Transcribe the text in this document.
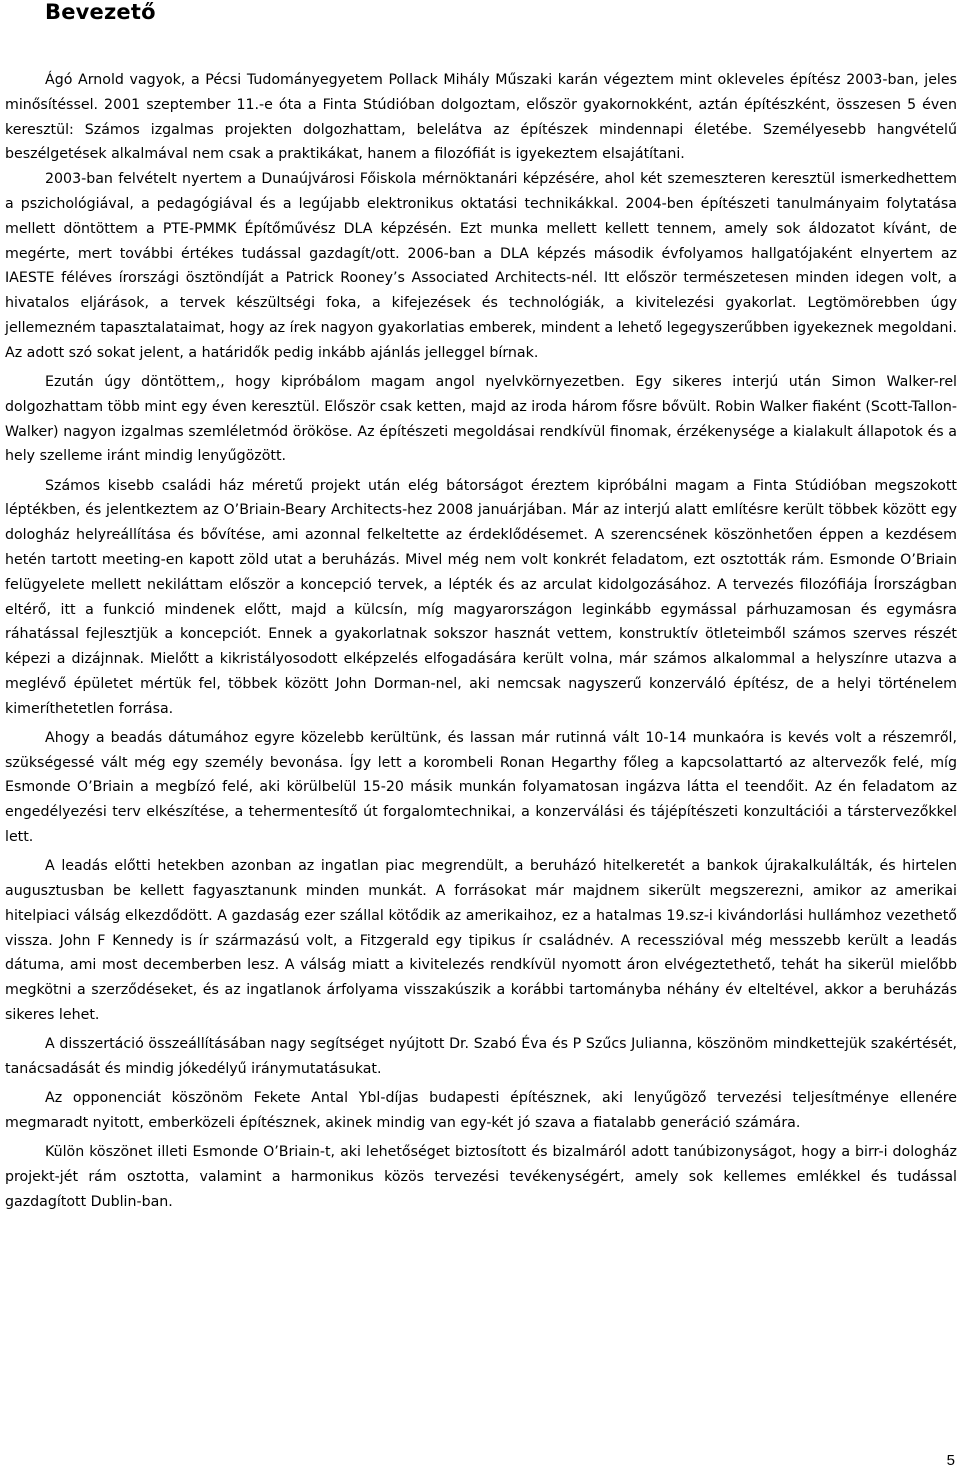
Bevezető

Ágó Arnold vagyok, a Pécsi Tudományegyetem Pollack Mihály Műszaki karán végeztem mint okleveles építész 2003-ban, jeles minősítéssel. 2001 szeptember 11.-e óta a Finta Stúdióban dolgoztam, először gyakornokként, aztán építészként, összesen 5 éven keresztül: Számos izgalmas projekten dolgozhattam, belelátva az építészek mindennapi életébe. Személyesebb hangvételű beszélgetések alkalmával nem csak a praktikákat, hanem a filozófiát is igyekeztem elsajátítani.

2003-ban felvételt nyertem a Dunaújvárosi Főiskola mérnöktanári képzésére, ahol két szemeszteren keresztül ismerkedhettem a pszichológiával, a pedagógiával és a legújabb elektronikus oktatási technikákkal. 2004-ben építészeti tanulmányaim folytatása mellett döntöttem a PTE-PMMK Építőművész DLA képzésén. Ezt munka mellett kellett tennem, amely sok áldozatot kívánt, de megérte, mert további értékes tudással gazdagít/ott. 2006-ban a DLA képzés második évfolyamos hallgatójaként elnyertem az IAESTE féléves írországi ösztöndíját a Patrick Rooney’s Associated Architects-nél. Itt először természetesen minden idegen volt, a hivatalos eljárások, a tervek készültségi foka, a kifejezések és technológiák, a kivitelezési gyakorlat. Legtömörebben úgy jellemezném tapasztalataimat, hogy az írek nagyon gyakorlatias emberek, mindent a lehető legegyszerűbben igyekeznek megoldani. Az adott szó sokat jelent, a határidők pedig inkább ajánlás jelleggel bírnak.

Ezután úgy döntöttem,, hogy kipróbálom magam angol nyelvkörnyezetben. Egy sikeres interjú után Simon Walker-rel dolgozhattam több mint egy éven keresztül. Először csak ketten, majd az iroda három fősre bővült. Robin Walker fiaként (Scott-Tallon-Walker) nagyon izgalmas szemléletmód örököse. Az építészeti megoldásai rendkívül finomak, érzékenysége a kialakult állapotok és a hely szelleme iránt mindig lenyűgözött.

Számos kisebb családi ház méretű projekt után elég bátorságot éreztem kipróbálni magam a Finta Stúdióban megszokott léptékben, és jelentkeztem az O’Briain-Beary Architects-hez 2008 januárjában. Már az interjú alatt említésre került többek között egy dologház helyreállítása és bővítése, ami azonnal felkeltette az érdeklődésemet. A szerencsének köszönhetően éppen a kezdésem hetén tartott meeting-en kapott zöld utat a beruházás. Mivel még nem volt konkrét feladatom, ezt osztották rám. Esmonde O’Briain felügyelete mellett nekiláttam először a koncepció tervek, a lépték és az arculat kidolgozásához. A tervezés filozófiája Írországban eltérő, itt a funkció mindenek előtt, majd a külcsín, míg magyarországon leginkább egymással párhuzamosan és egymásra ráhatással fejlesztjük a koncepciót. Ennek a gyakorlatnak sokszor hasznát vettem, konstruktív ötleteimből számos szerves részét képezi a dizájnnak. Mielőtt a kikristályosodott elképzelés elfogadására került volna, már számos alkalommal a helyszínre utazva a meglévő épületet mértük fel, többek között John Dorman-nel, aki nemcsak nagyszerű konzerváló építész, de a helyi történelem kimeríthetetlen forrása.

Ahogy a beadás dátumához egyre közelebb kerültünk, és lassan már rutinná vált 10-14 munkaóra is kevés volt a részemről, szükségessé vált még egy személy bevonása. Így lett a korombeli Ronan Hegarthy főleg a kapcsolattartó az altervezők felé, míg Esmonde O’Briain a megbízó felé, aki körülbelül 15-20 másik munkán folyamatosan ingázva látta el teendőit. Az én feladatom az engedélyezési terv elkészítése, a tehermentesítő út forgalomtechnikai, a konzerválási és tájépítészeti konzultációi a társtervezőkkel lett.

A leadás előtti hetekben azonban az ingatlan piac megrendült, a beruházó hitelkeretét a bankok újrakalkulálták, és hirtelen augusztusban be kellett fagyasztanunk minden munkát. A forrásokat már majdnem sikerült megszerezni, amikor az amerikai hitelpiaci válság elkezdődött. A gazdaság ezer szállal kötődik az amerikaihoz, ez a hatalmas 19.sz-i kivándorlási hullámhoz vezethető vissza. John F Kennedy is ír származású volt, a Fitzgerald egy tipikus ír családnév. A recesszióval még messzebb került a leadás dátuma, ami most decemberben lesz. A válság miatt a kivitelezés rendkívül nyomott áron elvégeztethető, tehát ha sikerül mielőbb megkötni a szerződéseket, és az ingatlanok árfolyama visszakúszik a korábbi tartományba néhány év elteltével, akkor a beruházás sikeres lehet.

A disszertáció összeállításában nagy segítséget nyújtott Dr. Szabó Éva és P Szűcs Julianna, köszönöm mindkettejük szakértését, tanácsadását és mindig jókedélyű iránymutatásukat.

Az opponenciát köszönöm Fekete Antal Ybl-díjas budapesti építésznek, aki lenyűgöző tervezési teljesítménye ellenére megmaradt nyitott, emberközeli építésznek, akinek mindig van egy-két jó szava a fiatalabb generáció számára.

Külön köszönet illeti Esmonde O’Briain-t, aki lehetőséget biztosított és bizalmáról adott tanúbizonyságot, hogy a birr-i dologház projekt-jét rám osztotta, valamint a harmonikus közös tervezési tevékenységért, amely sok kellemes emlékkel és tudással gazdagított Dublin-ban.

5
